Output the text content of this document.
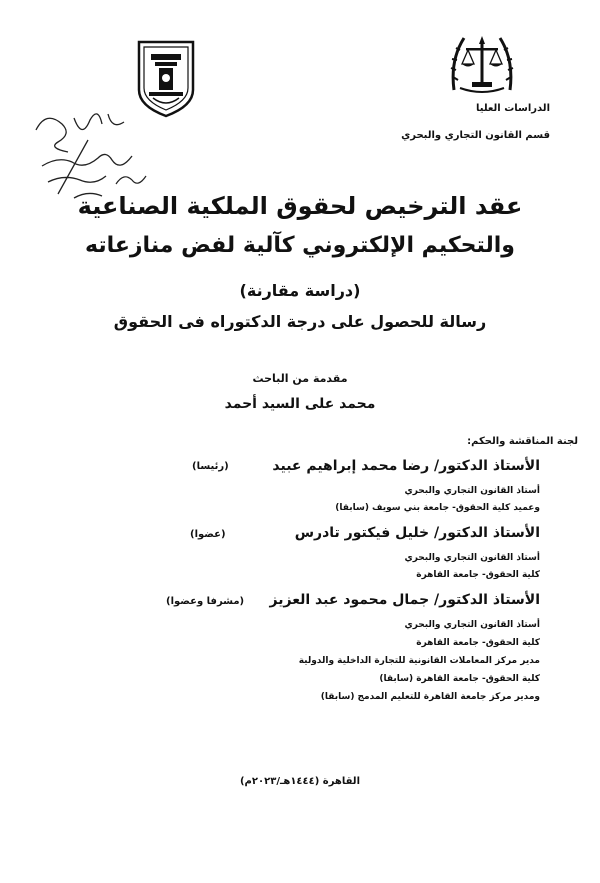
الدراسات العليا
قسم القانون التجاري والبحري
عقد الترخيص لحقوق الملكية الصناعية
والتحكيم الإلكتروني كآلية لفض منازعاته
(دراسة مقارنة)
رسالة للحصول على درجة الدكتوراه فى الحقوق
مقدمة من الباحث
محمد على السيد أحمد
لجنة المناقشة والحكم:
الأستاذ الدكتور/ رضا محمد إبراهيم عبيد
(رئيسا)
أستاذ القانون التجاري والبحري
وعميد كلية الحقوق- جامعة بني سويف (سابقا)
الأستاذ الدكتور/ خليل فيكتور تادرس
(عضوا)
أستاذ القانون التجاري والبحري
كلية الحقوق- جامعة القاهرة
الأستاذ الدكتور/ جمال محمود عبد العزيز
(مشرفا وعضوا)
أستاذ القانون التجاري والبحري
كلية الحقوق- جامعة القاهرة
مدير مركز المعاملات القانونية للتجارة الداخلية والدولية
كلية الحقوق- جامعة القاهرة (سابقا)
ومدير مركز جامعة القاهرة للتعليم المدمج (سابقا)
القاهرة (١٤٤٤هـ/٢٠٢٣م)
